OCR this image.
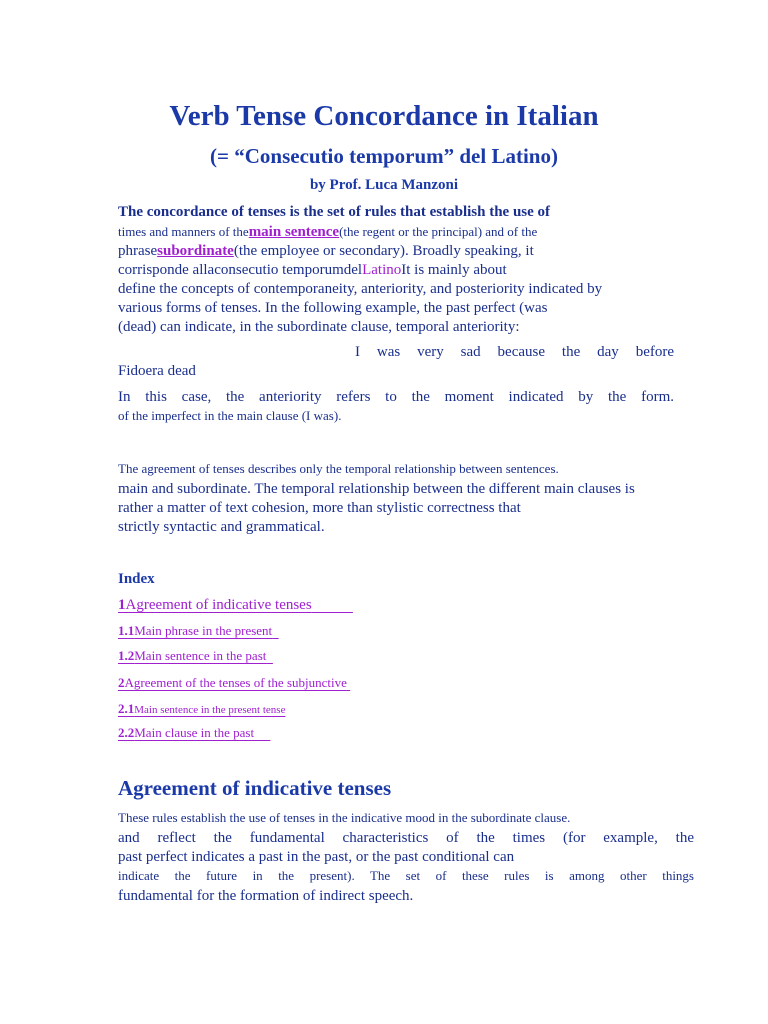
Verb Tense Concordance in Italian
(= “Consecutio temporum” del Latino)

by Prof. Luca Manzoni

The concordance of tenses is the set of rules that establish the use of
times and manners of themain sentence(the regent or the principal) and of the
phrasesubordinate(the employee or secondary). Broadly speaking, it
corrisponde allaconsecutio temporumdelLatinoIt is mainly about
define the concepts of contemporaneity, anteriority, and posteriority indicated by
various forms of tenses. In the following example, the past perfect (was
(dead) can indicate, in the subordinate clause, temporal anteriority:
I was very sad because the day before
Fidoera dead
In this case, the anteriority refers to the moment indicated by the form.
of the imperfect in the main clause (I was).
The agreement of tenses describes only the temporal relationship between sentences.
main and subordinate. The temporal relationship between the different main clauses is
rather a matter of text cohesion, more than stylistic correctness that
strictly syntactic and grammatical.
Index
1Agreement of indicative tenses
1.1Main phrase in the present
1.2Main sentence in the past
2Agreement of the tenses of the subjunctive
2.1Main sentence in the present tense
2.2Main clause in the past
Agreement of indicative tenses
These rules establish the use of tenses in the indicative mood in the subordinate clause.
and reflect the fundamental characteristics of the times (for example, the
past perfect indicates a past in the past, or the past conditional can
indicate the future in the present). The set of these rules is among other things
fundamental for the formation of indirect speech.
